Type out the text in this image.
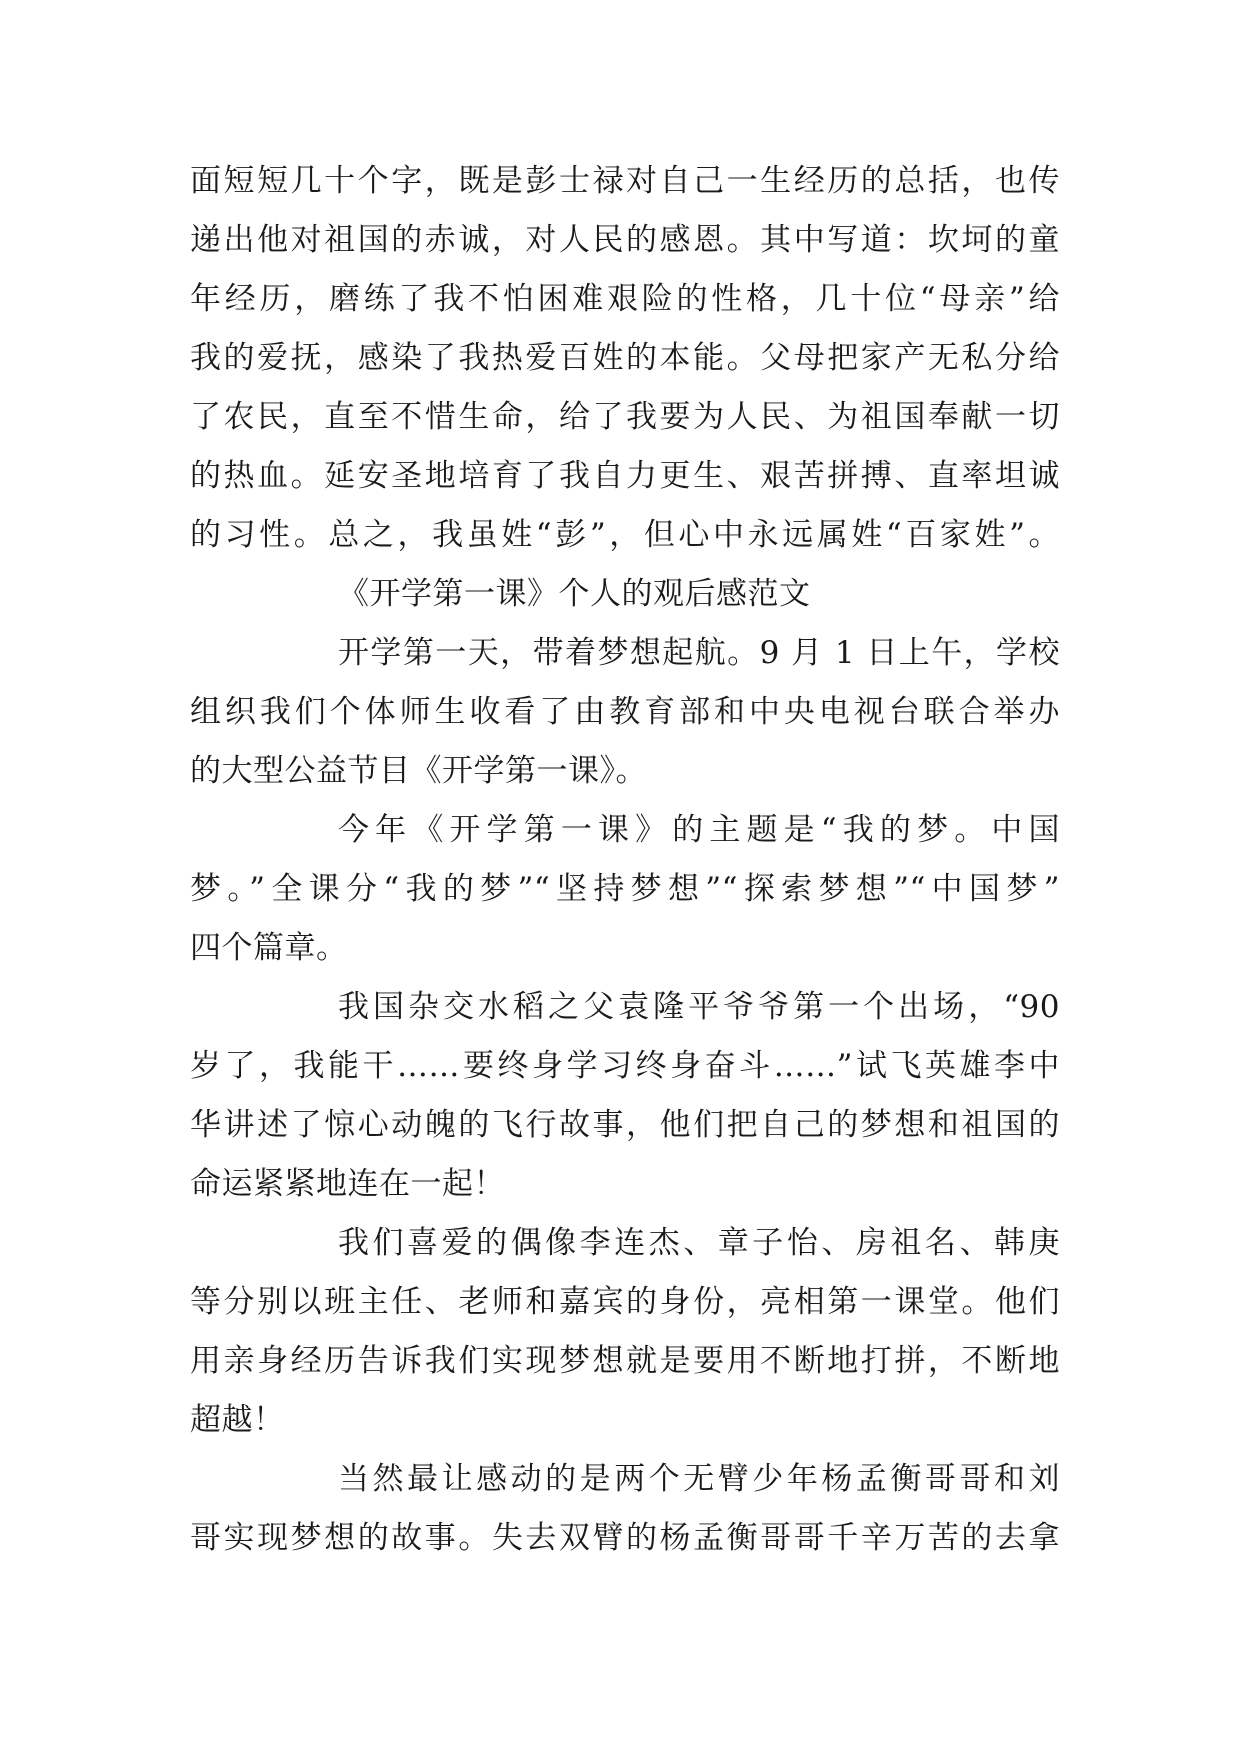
面短短几十个字，既是彭士禄对自己一生经历的总括，也传
递出他对祖国的赤诚，对人民的感恩。其中写道：坎坷的童
年经历，磨练了我不怕困难艰险的性格，几十位“母亲”给
我的爱抚，感染了我热爱百姓的本能。父母把家产无私分给
了农民，直至不惜生命，给了我要为人民、为祖国奉献一切
的热血。延安圣地培育了我自力更生、艰苦拼搏、直率坦诚
的习性。总之，我虽姓“彭”，但心中永远属姓“百家姓”。
《开学第一课》个人的观后感范文
开学第一天，带着梦想起航。9 月 1 日上午，学校
组织我们个体师生收看了由教育部和中央电视台联合举办
的大型公益节目《开学第一课》。
今年《开学第一课》的主题是“我的梦。中国
梦。”全课分“我的梦”“坚持梦想”“探索梦想”“中国梦”
四个篇章。
我国杂交水稻之父袁隆平爷爷第一个出场，“90
岁了，我能干……要终身学习终身奋斗……”试飞英雄李中
华讲述了惊心动魄的飞行故事，他们把自己的梦想和祖国的
命运紧紧地连在一起！
我们喜爱的偶像李连杰、章子怡、房祖名、韩庚
等分别以班主任、老师和嘉宾的身份，亮相第一课堂。他们
用亲身经历告诉我们实现梦想就是要用不断地打拼，不断地
超越！
当然最让感动的是两个无臂少年杨孟衡哥哥和刘
哥实现梦想的故事。失去双臂的杨孟衡哥哥千辛万苦的去拿
